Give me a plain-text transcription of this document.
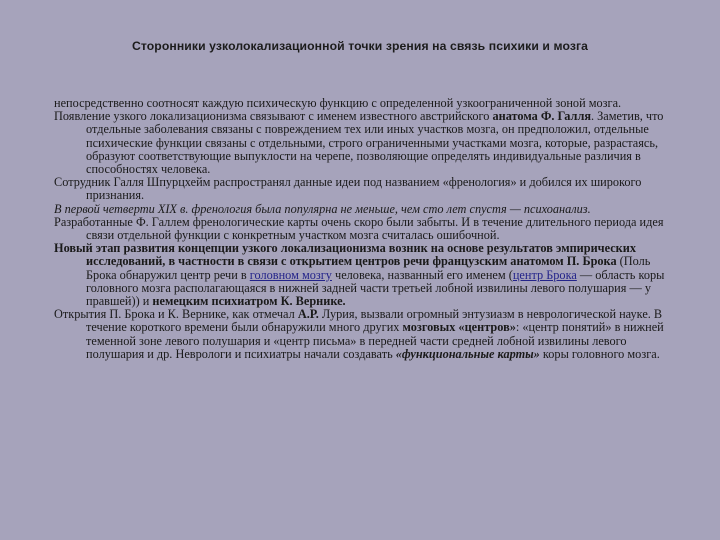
Сторонники узколокализационной точки зрения на связь психики и мозга

непосредственно соотносят каждую психическую функцию с определенной узкоограниченной зоной мозга.

Появление узкого локализационизма связывают с именем известного австрийского анатома Ф. Галля. Заметив, что отдельные заболевания связаны с повреждением тех или иных участков мозга, он предположил, отдельные психические функции связаны с отдельными, строго ограниченными участками мозга, которые, разрастаясь, образуют соответствующие выпуклости на черепе, позволяющие определять индивидуальные различия в способностях человека.

Сотрудник Галля Шпурцхейм распространял данные идеи под названием «френология» и добился их широкого признания.

В первой четверти XIX в. френология была популярна не меньше, чем сто лет спустя — психоанализ.

Разработанные Ф. Галлем френологические карты очень скоро были забыты. И в течение длительного периода идея связи отдельной функции с конкретным участком мозга считалась ошибочной.

Новый этап развития концепции узкого локализационизма возник на основе результатов эмпирических исследований, в частности в связи с открытием центров речи французским анатомом П. Брока (Поль Брока обнаружил центр речи в головном мозгу человека, названный его именем (центр Брока — область коры головного мозга располагающаяся в нижней задней части третьей лобной извилины левого полушария — у правшей)) и немецким психиатром К. Вернике.

Открытия П. Брока и К. Вернике, как отмечал А.Р. Лурия, вызвали огромный энтузиазм в неврологической науке. В течение короткого времени были обнаружили много других мозговых «центров»: «центр понятий» в нижней теменной зоне левого полушария и «центр письма» в передней части средней лобной извилины левого полушария и др. Неврологи и психиатры начали создавать «функциональные карты» коры головного мозга.
